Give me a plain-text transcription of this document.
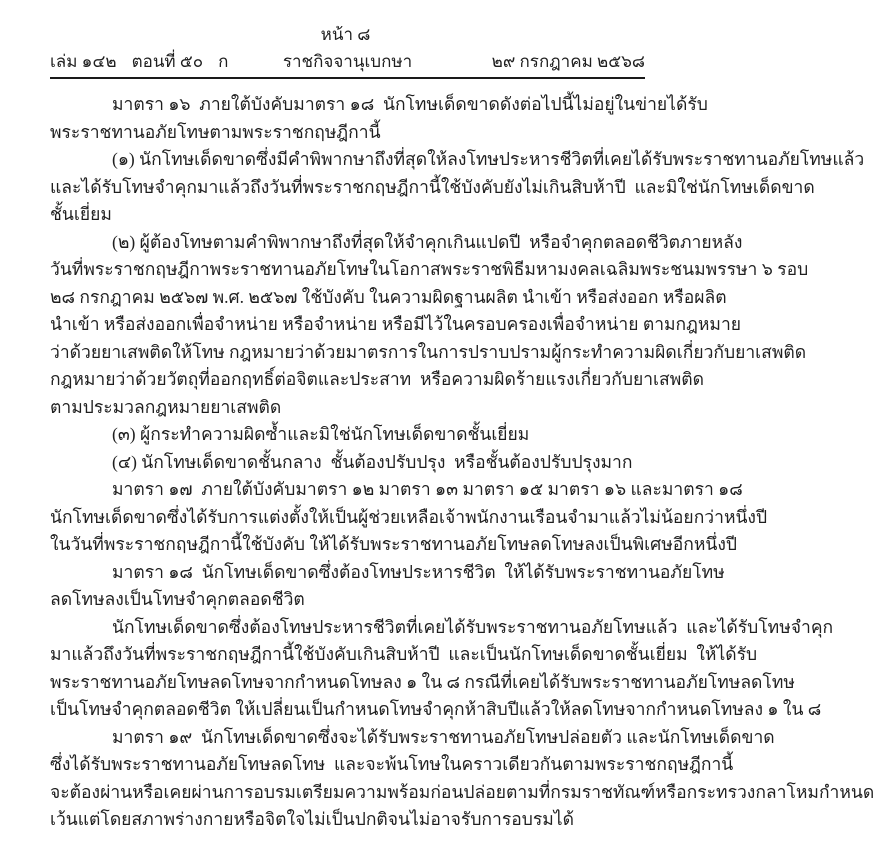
หน้า ๘
เล่ม ๑๔๒ ตอนที่ ๕๐ ก	ราชกิจจานุเบกษา	๒๙ กรกฎาคม ๒๕๖๘
มาตรา ๑๖  ภายใต้บังคับมาตรา ๑๘  นักโทษเด็ดขาดดังต่อไปนี้ไม่อยู่ในข่ายได้รับ
พระราชทานอภัยโทษตามพระราชกฤษฎีกานี้
(๑) นักโทษเด็ดขาดซึ่งมีคำพิพากษาถึงที่สุดให้ลงโทษประหารชีวิตที่เคยได้รับพระราชทานอภัยโทษแล้ว
และได้รับโทษจำคุกมาแล้วถึงวันที่พระราชกฤษฎีกานี้ใช้บังคับยังไม่เกินสิบห้าปี  และมิใช่นักโทษเด็ดขาด
ชั้นเยี่ยม
(๒) ผู้ต้องโทษตามคำพิพากษาถึงที่สุดให้จำคุกเกินแปดปี  หรือจำคุกตลอดชีวิตภายหลัง
วันที่พระราชกฤษฎีกาพระราชทานอภัยโทษในโอกาสพระราชพิธีมหามงคลเฉลิมพระชนมพรรษา ๖ รอบ
๒๘ กรกฎาคม ๒๕๖๗ พ.ศ. ๒๕๖๗ ใช้บังคับ ในความผิดฐานผลิต นำเข้า หรือส่งออก หรือผลิต
นำเข้า หรือส่งออกเพื่อจำหน่าย หรือจำหน่าย หรือมีไว้ในครอบครองเพื่อจำหน่าย ตามกฎหมาย
ว่าด้วยยาเสพติดให้โทษ กฎหมายว่าด้วยมาตรการในการปราบปรามผู้กระทำความผิดเกี่ยวกับยาเสพติด
กฎหมายว่าด้วยวัตถุที่ออกฤทธิ์ต่อจิตและประสาท  หรือความผิดร้ายแรงเกี่ยวกับยาเสพติด
ตามประมวลกฎหมายยาเสพติด
(๓) ผู้กระทำความผิดซ้ำและมิใช่นักโทษเด็ดขาดชั้นเยี่ยม
(๔) นักโทษเด็ดขาดชั้นกลาง  ชั้นต้องปรับปรุง  หรือชั้นต้องปรับปรุงมาก
มาตรา ๑๗  ภายใต้บังคับมาตรา ๑๒ มาตรา ๑๓ มาตรา ๑๕ มาตรา ๑๖ และมาตรา ๑๘
นักโทษเด็ดขาดซึ่งได้รับการแต่งตั้งให้เป็นผู้ช่วยเหลือเจ้าพนักงานเรือนจำมาแล้วไม่น้อยกว่าหนึ่งปี
ในวันที่พระราชกฤษฎีกานี้ใช้บังคับ ให้ได้รับพระราชทานอภัยโทษลดโทษลงเป็นพิเศษอีกหนึ่งปี
มาตรา ๑๘  นักโทษเด็ดขาดซึ่งต้องโทษประหารชีวิต  ให้ได้รับพระราชทานอภัยโทษ
ลดโทษลงเป็นโทษจำคุกตลอดชีวิต
นักโทษเด็ดขาดซึ่งต้องโทษประหารชีวิตที่เคยได้รับพระราชทานอภัยโทษแล้ว  และได้รับโทษจำคุก
มาแล้วถึงวันที่พระราชกฤษฎีกานี้ใช้บังคับเกินสิบห้าปี  และเป็นนักโทษเด็ดขาดชั้นเยี่ยม  ให้ได้รับ
พระราชทานอภัยโทษลดโทษจากกำหนดโทษลง ๑ ใน ๘ กรณีที่เคยได้รับพระราชทานอภัยโทษลดโทษ
เป็นโทษจำคุกตลอดชีวิต ให้เปลี่ยนเป็นกำหนดโทษจำคุกห้าสิบปีแล้วให้ลดโทษจากกำหนดโทษลง ๑ ใน ๘
มาตรา ๑๙  นักโทษเด็ดขาดซึ่งจะได้รับพระราชทานอภัยโทษปล่อยตัว และนักโทษเด็ดขาด
ซึ่งได้รับพระราชทานอภัยโทษลดโทษ  และจะพ้นโทษในคราวเดียวกันตามพระราชกฤษฎีกานี้
จะต้องผ่านหรือเคยผ่านการอบรมเตรียมความพร้อมก่อนปล่อยตามที่กรมราชทัณฑ์หรือกระทรวงกลาโหมกำหนด
เว้นแต่โดยสภาพร่างกายหรือจิตใจไม่เป็นปกติจนไม่อาจรับการอบรมได้
